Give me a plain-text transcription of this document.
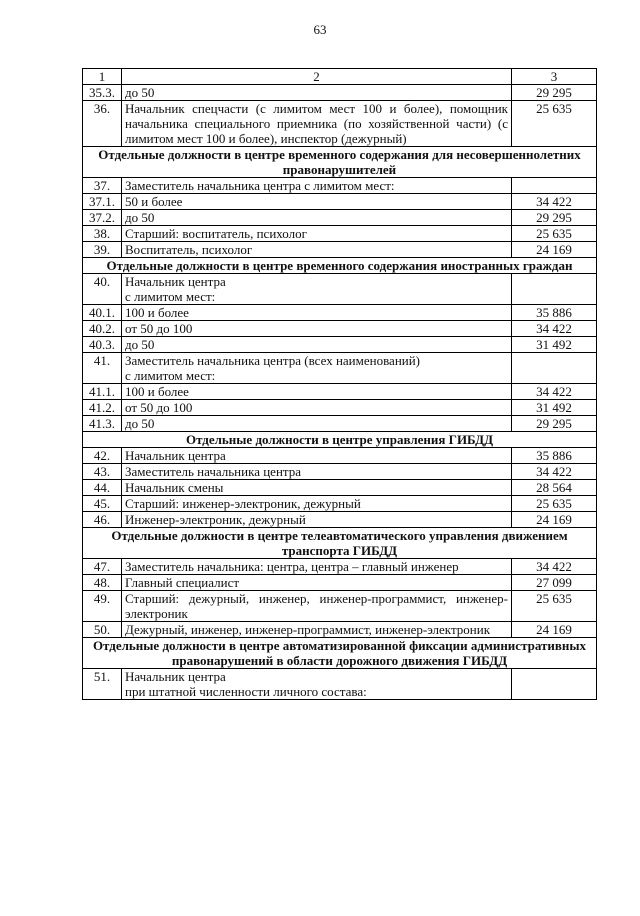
63
1	2	3
35.3.	до 50	29 295
36.	Начальник спецчасти (с лимитом мест 100 и более), помощник начальника специального приемника (по хозяйственной части) (с лимитом мест 100 и более), инспектор (дежурный)	25 635
Отдельные должности в центре временного содержания для несовершеннолетних правонарушителей		
37.	Заместитель начальника центра с лимитом мест:	
37.1.	50 и более	34 422
37.2.	до 50	29 295
38.	Старший: воспитатель, психолог	25 635
39.	Воспитатель, психолог	24 169
Отдельные должности в центре временного содержания иностранных граждан		
40.	Начальник центра
с лимитом мест:	
40.1.	100 и более	35 886
40.2.	от 50 до 100	34 422
40.3.	до 50	31 492
41.	Заместитель начальника центра (всех наименований)
с лимитом мест:	
41.1.	100 и более	34 422
41.2.	от 50 до 100	31 492
41.3.	до 50	29 295
Отдельные должности в центре управления ГИБДД		
42.	Начальник центра	35 886
43.	Заместитель начальника центра	34 422
44.	Начальник смены	28 564
45.	Старший: инженер-электроник, дежурный	25 635
46.	Инженер-электроник, дежурный	24 169
Отдельные должности в центре телеавтоматического управления движением транспорта ГИБДД		
47.	Заместитель начальника: центра, центра – главный инженер	34 422
48.	Главный специалист	27 099
49.	Старший: дежурный, инженер, инженер-программист, инженер-электроник	25 635
50.	Дежурный, инженер, инженер-программист, инженер-электроник	24 169
Отдельные должности в центре автоматизированной фиксации административных правонарушений в области дорожного движения ГИБДД		
51.	Начальник центра
при штатной численности личного состава:	
